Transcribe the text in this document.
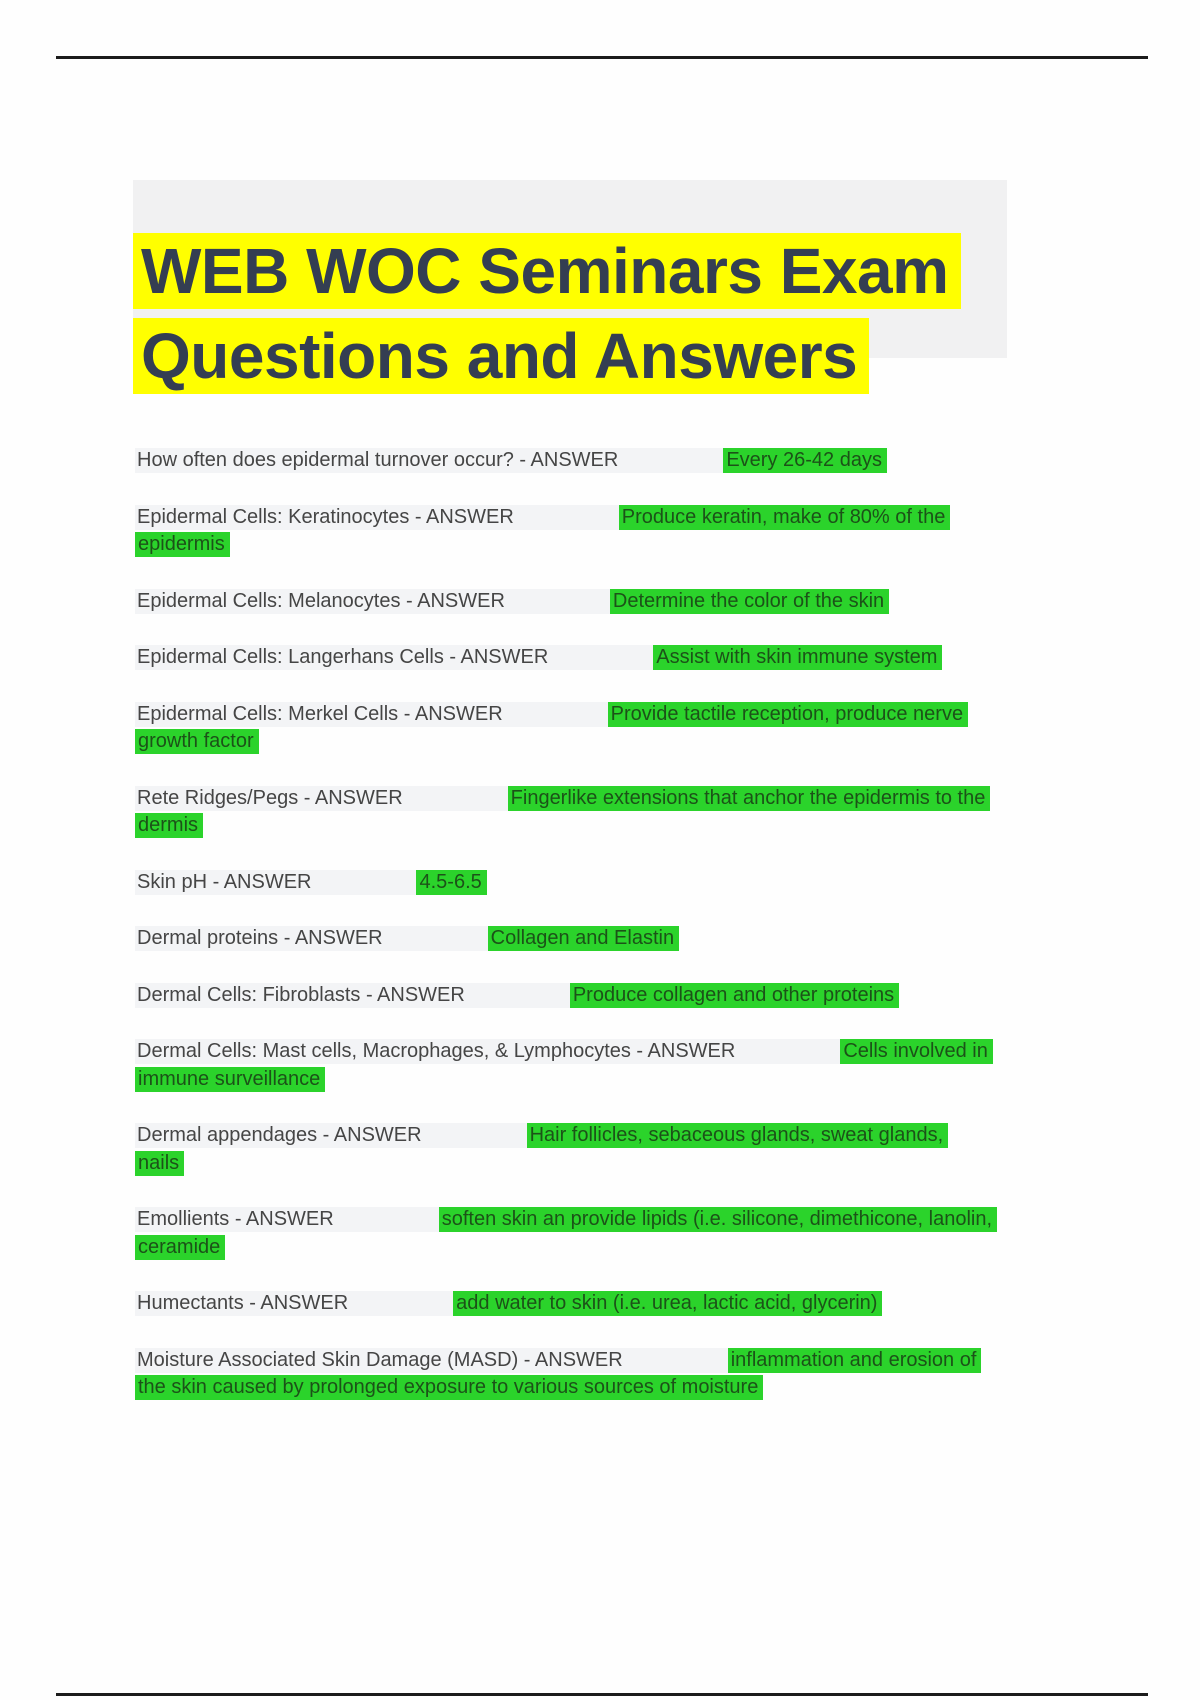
WEB WOC Seminars Exam Questions and Answers

How often does epidermal turnover occur? - ANSWER	Every 26-42 days

Epidermal Cells: Keratinocytes - ANSWER	Produce keratin, make of 80% of the epidermis

Epidermal Cells: Melanocytes - ANSWER	Determine the color of the skin

Epidermal Cells: Langerhans Cells - ANSWER	Assist with skin immune system

Epidermal Cells: Merkel Cells - ANSWER	Provide tactile reception, produce nerve growth factor

Rete Ridges/Pegs - ANSWER	Fingerlike extensions that anchor the epidermis to the dermis

Skin pH - ANSWER	4.5-6.5

Dermal proteins - ANSWER	Collagen and Elastin

Dermal Cells: Fibroblasts - ANSWER	Produce collagen and other proteins

Dermal Cells: Mast cells, Macrophages, & Lymphocytes - ANSWER	Cells involved in immune surveillance

Dermal appendages - ANSWER	Hair follicles, sebaceous glands, sweat glands, nails

Emollients - ANSWER	soften skin an provide lipids (i.e. silicone, dimethicone, lanolin, ceramide

Humectants - ANSWER	add water to skin (i.e. urea, lactic acid, glycerin)

Moisture Associated Skin Damage (MASD) - ANSWER	inflammation and erosion of the skin caused by prolonged exposure to various sources of moisture
